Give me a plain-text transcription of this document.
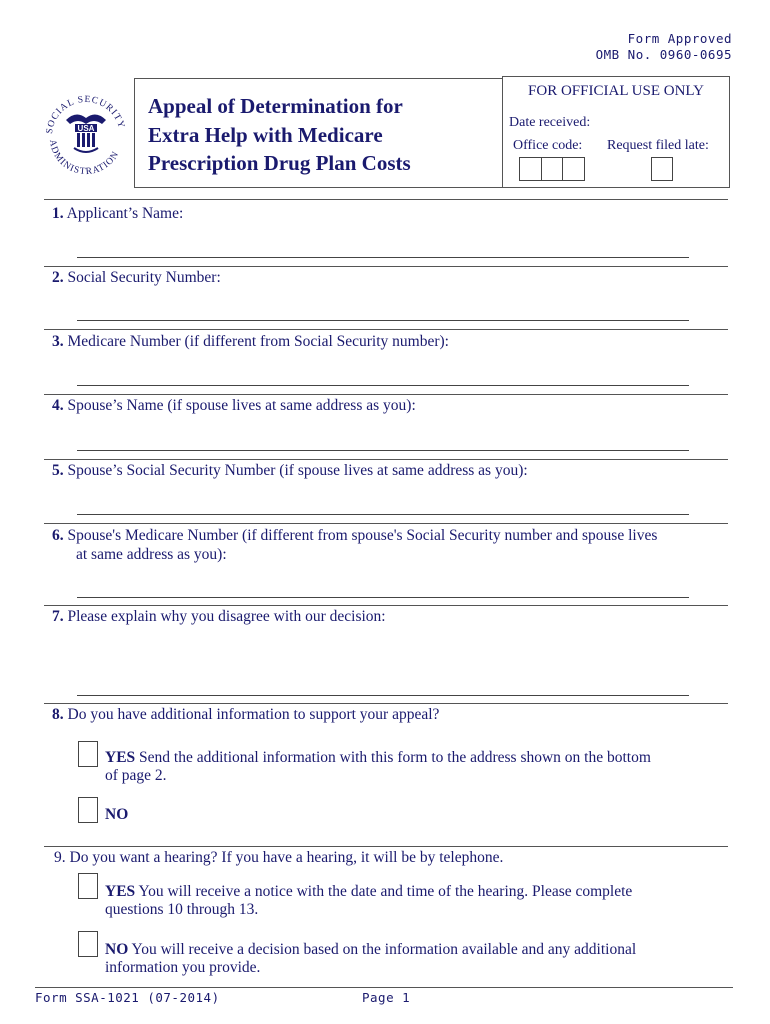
Form Approved
OMB No. 0960-0695
SOCIAL SECURITY
ADMINISTRATION
USA
Appeal of Determination for
Extra Help with Medicare
Prescription Drug Plan Costs
FOR OFFICIAL USE ONLY
Date received:
Office code: Request filed late:
1. Applicant’s Name:
2. Social Security Number:
3. Medicare Number (if different from Social Security number):
4. Spouse’s Name (if spouse lives at same address as you):
5. Spouse’s Social Security Number (if spouse lives at same address as you):
6. Spouse's Medicare Number (if different from spouse's Social Security number and spouse lives
at same address as you):
7. Please explain why you disagree with our decision:
8. Do you have additional information to support your appeal?
YES Send the additional information with this form to the address shown on the bottom
of page 2.
NO
9. Do you want a hearing? If you have a hearing, it will be by telephone.
YES You will receive a notice with the date and time of the hearing. Please complete
questions 10 through 13.
NO You will receive a decision based on the information available and any additional
information you provide.
Form SSA-1021 (07-2014)	Page 1
